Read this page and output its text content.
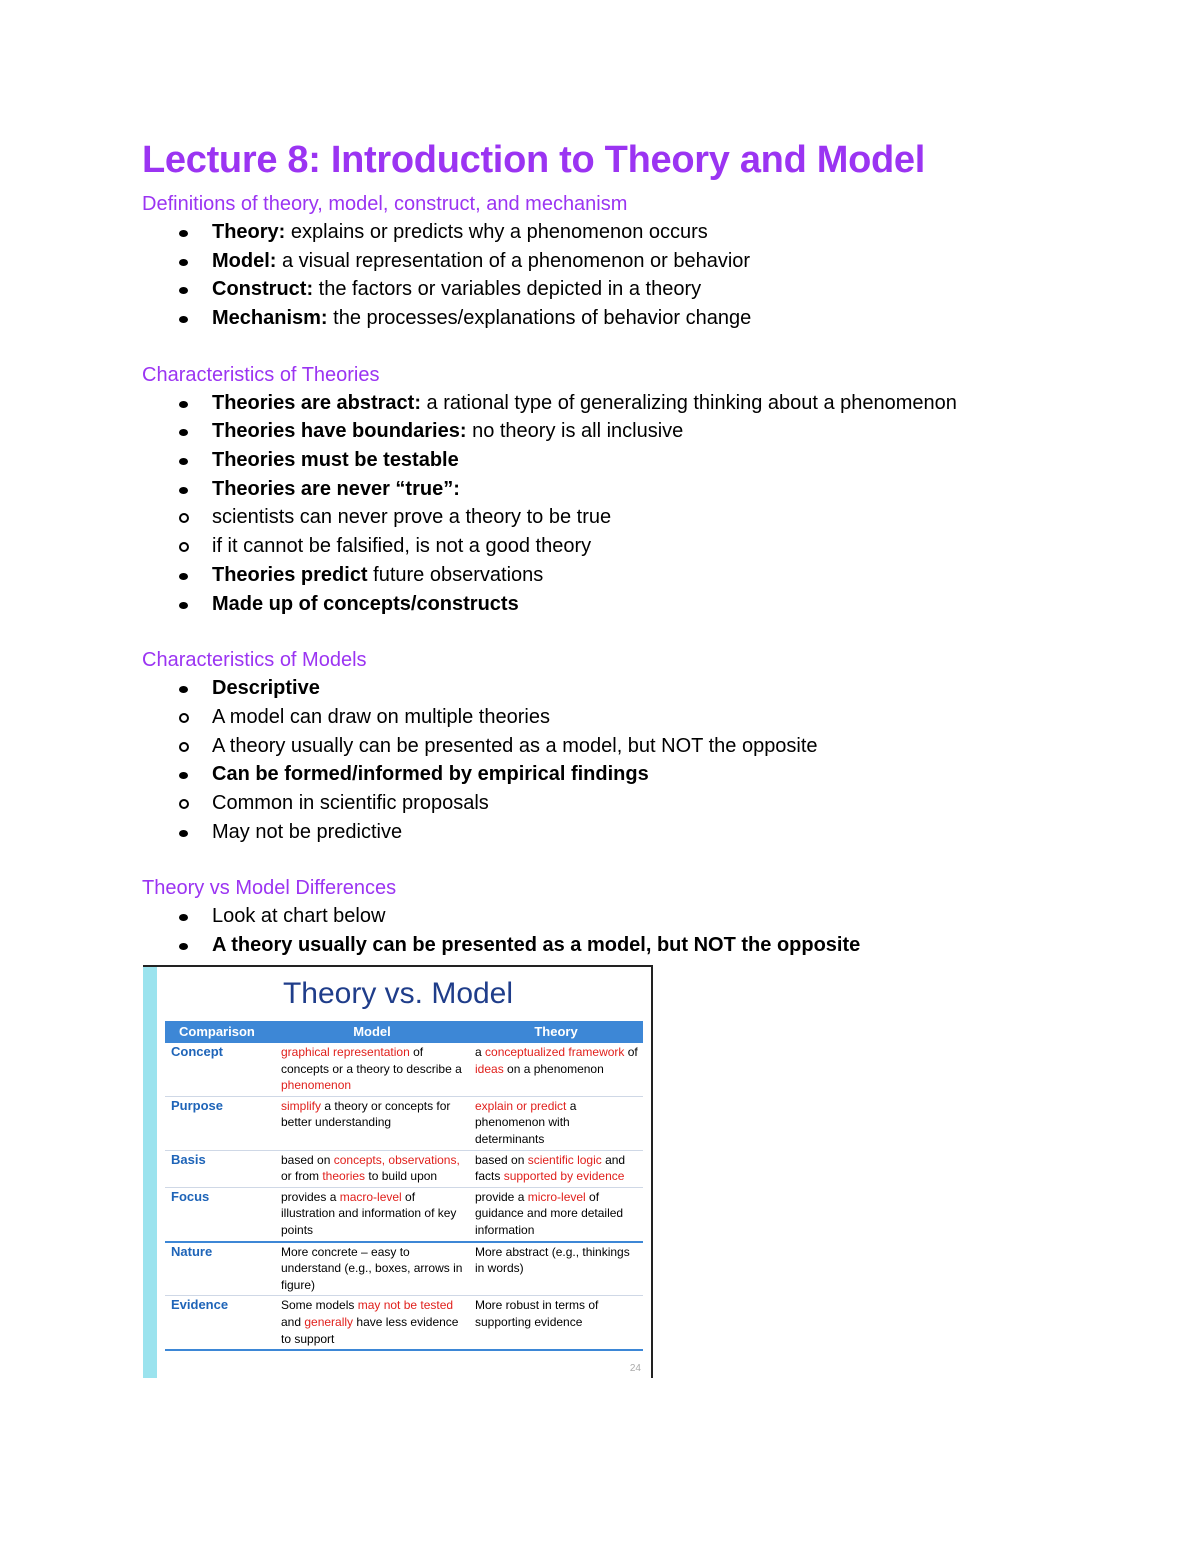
Lecture 8: Introduction to Theory and Model
Definitions of theory, model, construct, and mechanism
Theory: explains or predicts why a phenomenon occurs
Model: a visual representation of a phenomenon or behavior
Construct: the factors or variables depicted in a theory
Mechanism: the processes/explanations of behavior change
Characteristics of Theories
Theories are abstract: a rational type of generalizing thinking about a phenomenon
Theories have boundaries: no theory is all inclusive
Theories must be testable
Theories are never “true”:
scientists can never prove a theory to be true
if it cannot be falsified, is not a good theory
Theories predict future observations
Made up of concepts/constructs
Characteristics of Models
Descriptive
A model can draw on multiple theories
A theory usually can be presented as a model, but NOT the opposite
Can be formed/informed by empirical findings
Common in scientific proposals
May not be predictive
Theory vs Model Differences
Look at chart below
A theory usually can be presented as a model, but NOT the opposite
Theory vs. Model
Comparison	Model	Theory
Concept	graphical representation of concepts or a theory to describe a phenomenon	a conceptualized framework of ideas on a phenomenon
Purpose	simplify a theory or concepts for better understanding	explain or predict a phenomenon with determinants
Basis	based on concepts, observations, or from theories to build upon	based on scientific logic and facts supported by evidence
Focus	provides a macro-level of illustration and information of key points	provide a micro-level of guidance and more detailed information
Nature	More concrete – easy to understand (e.g., boxes, arrows in figure)	More abstract (e.g., thinkings in words)
Evidence	Some models may not be tested and generally have less evidence to support	More robust in terms of supporting evidence
24
